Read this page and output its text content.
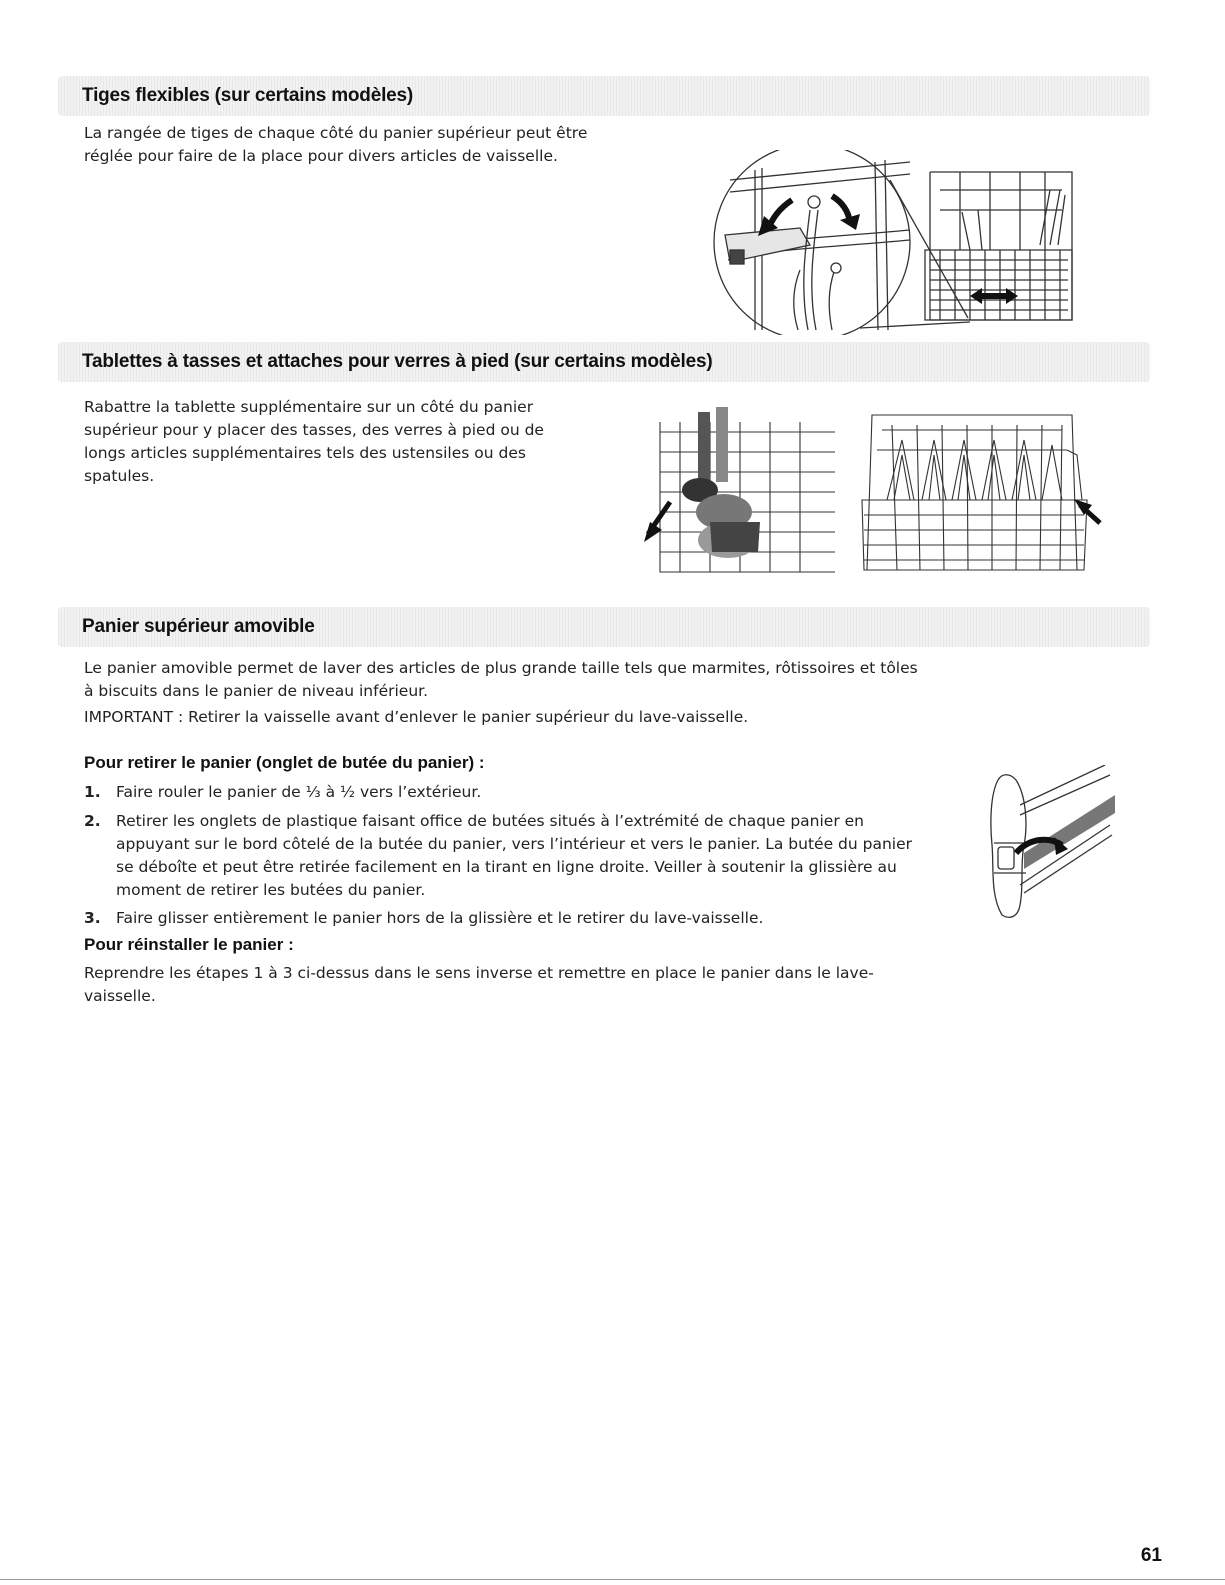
Tiges flexibles (sur certains modèles)

La rangée de tiges de chaque côté du panier supérieur peut être réglée pour faire de la place pour divers articles de vaisselle.

Tablettes à tasses et attaches pour verres à pied (sur certains modèles)

Rabattre la tablette supplémentaire sur un côté du panier supérieur pour y placer des tasses, des verres à pied ou de longs articles supplémentaires tels des ustensiles ou des spatules.

Panier supérieur amovible

Le panier amovible permet de laver des articles de plus grande taille tels que marmites, rôtissoires et tôles à biscuits dans le panier de niveau inférieur.

IMPORTANT : Retirer la vaisselle avant d’enlever le panier supérieur du lave-vaisselle.

Pour retirer le panier (onglet de butée du panier) :

1. Faire rouler le panier de ⅓ à ½ vers l’extérieur.
2. Retirer les onglets de plastique faisant office de butées situés à l’extrémité de chaque panier en appuyant sur le bord côtelé de la butée du panier, vers l’intérieur et vers le panier. La butée du panier se déboîte et peut être retirée facilement en la tirant en ligne droite. Veiller à soutenir la glissière au moment de retirer les butées du panier.
3. Faire glisser entièrement le panier hors de la glissière et le retirer du lave-vaisselle.

Pour réinstaller le panier :

Reprendre les étapes 1 à 3 ci-dessus dans le sens inverse et remettre en place le panier dans le lave-vaisselle.

61
